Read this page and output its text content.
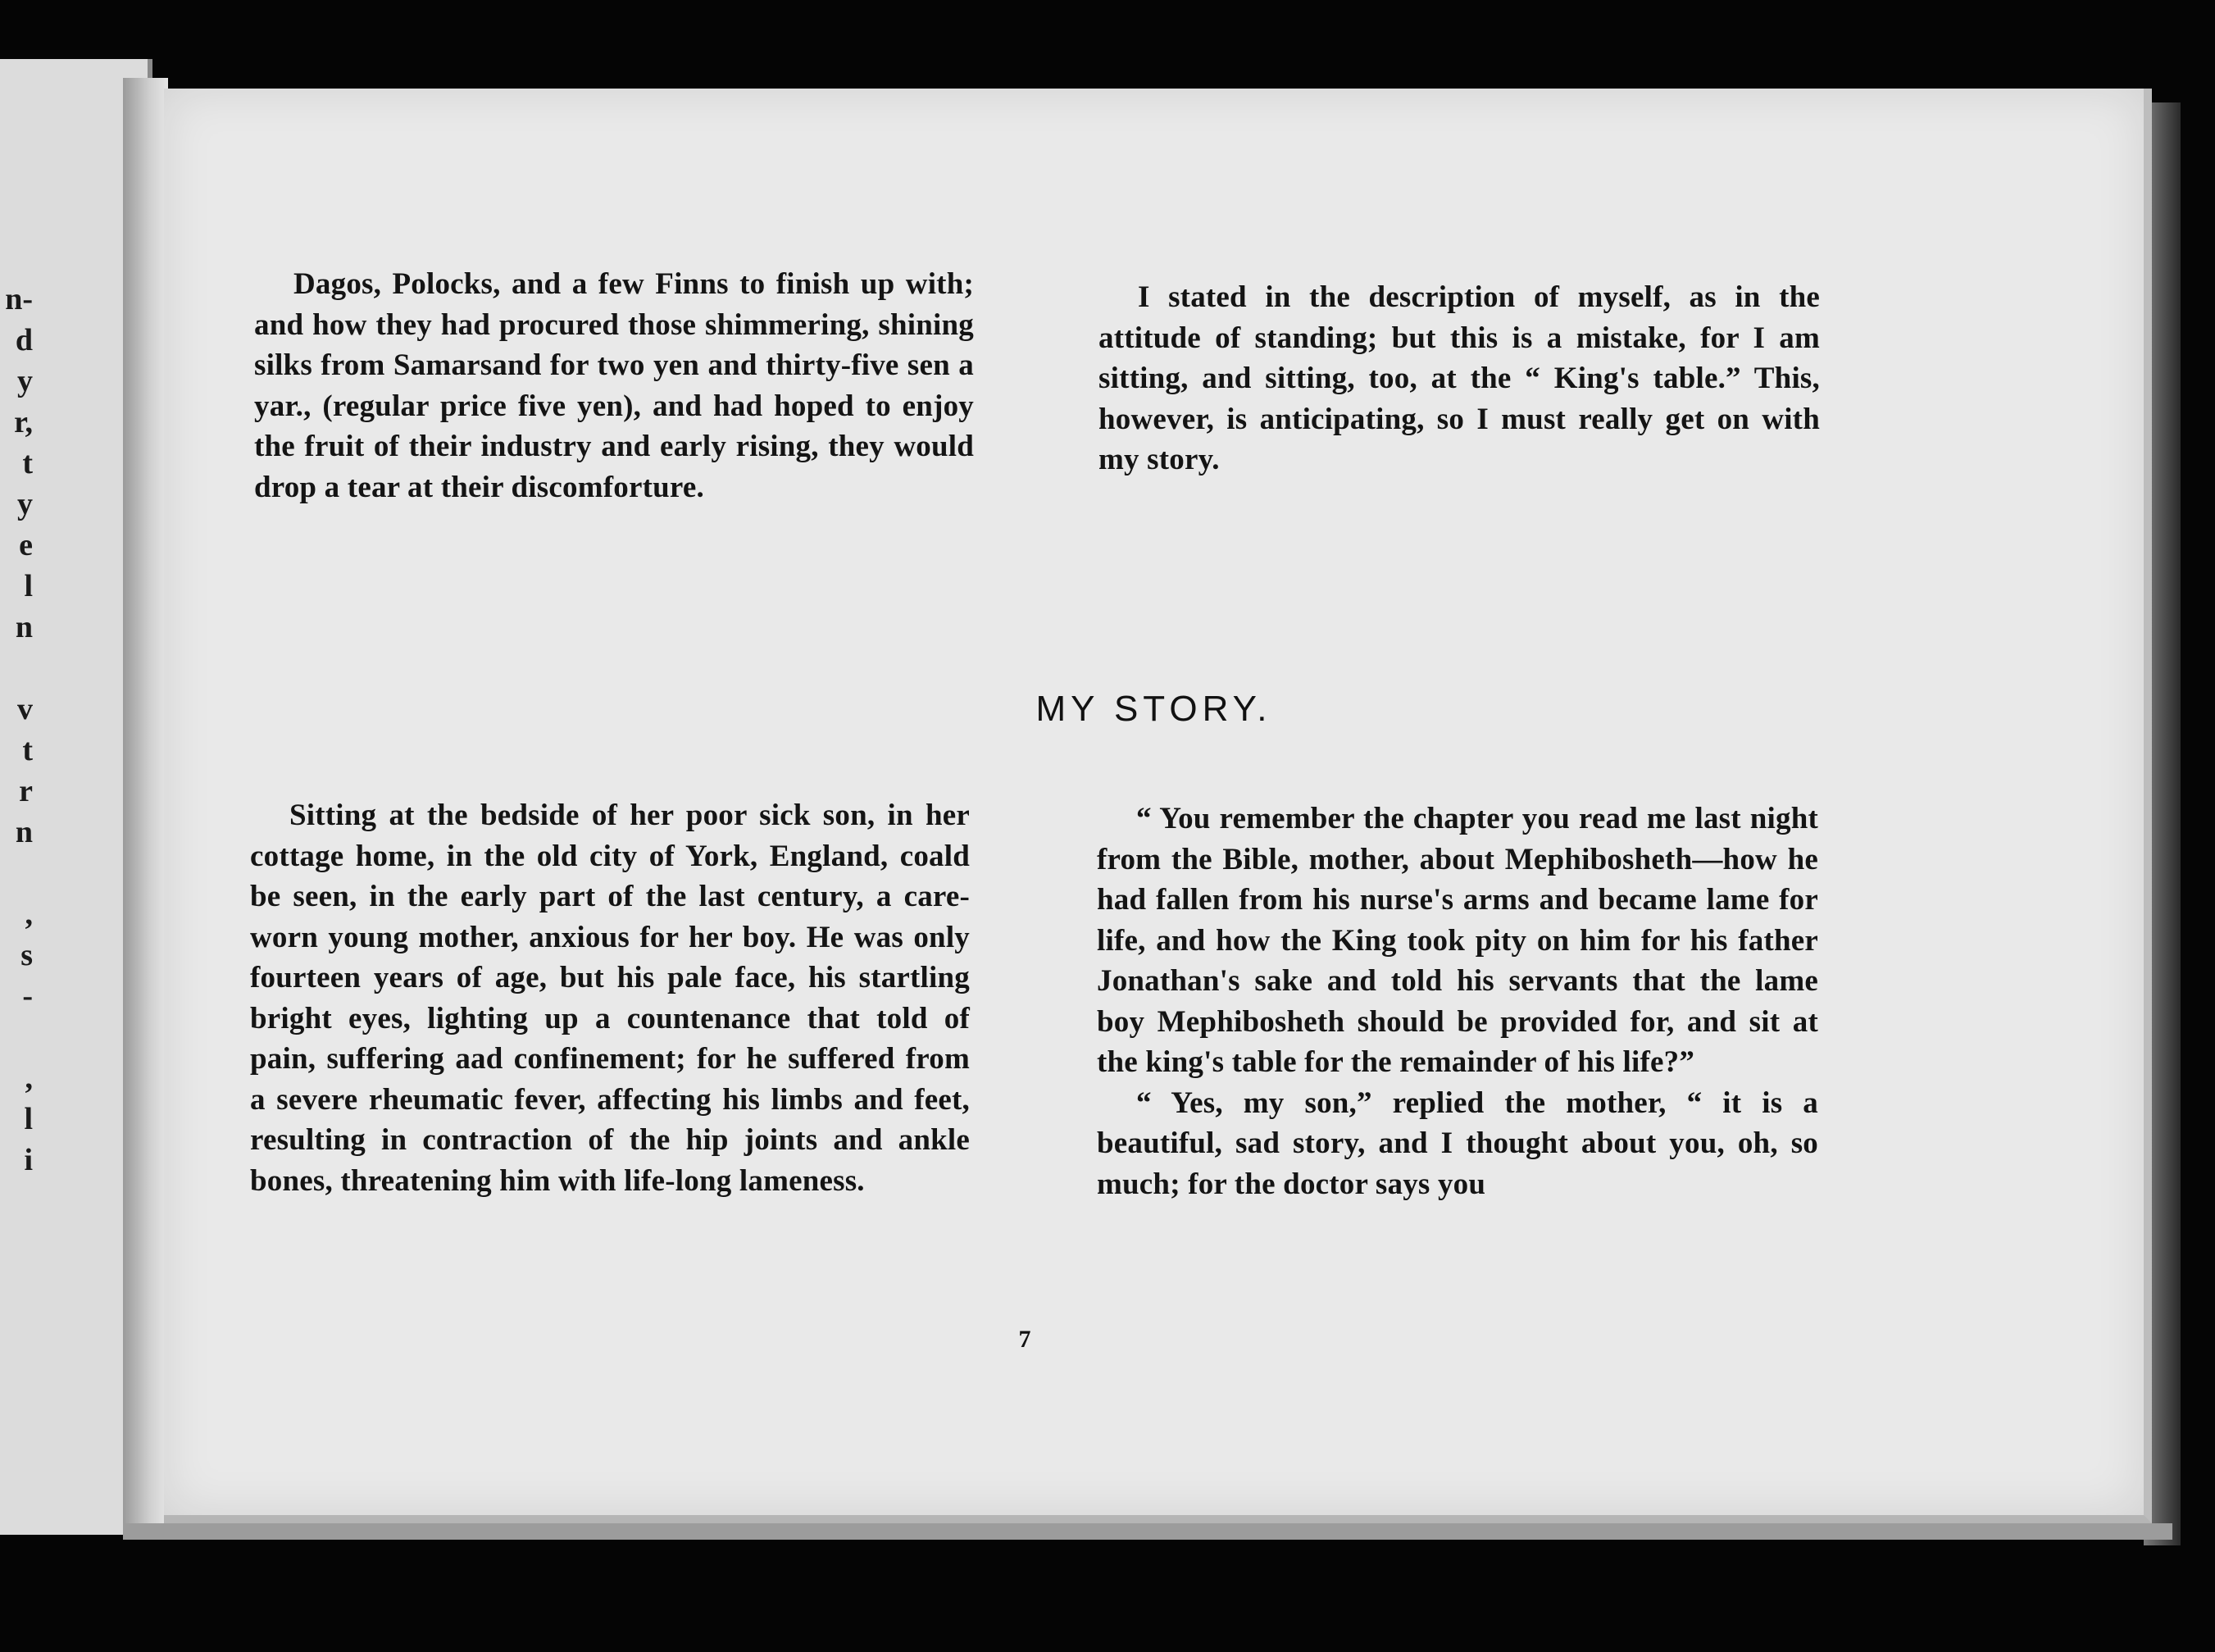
n-
d
y
r,
t
y
e
l
n
v
t
r
n
,
s
-
,
l
i

Dagos, Polocks, and a few Finns to finish up with; and how they had procured those shimmering, shining silks from Samarsand for two yen and thirty-five sen a yar., (regular price five yen), and had hoped to enjoy the fruit of their industry and early rising, they would drop a tear at their discomforture.

I stated in the description of myself, as in the attitude of standing; but this is a mistake, for I am sitting, and sitting, too, at the “ King's table.” This, however, is anticipating, so I must really get on with my story.

MY STORY.

Sitting at the bedside of her poor sick son, in her cottage home, in the old city of York, England, coald be seen, in the early part of the last century, a care-worn young mother, anxious for her boy. He was only fourteen years of age, but his pale face, his startling bright eyes, lighting up a countenance that told of pain, suffering aad confinement; for he suffered from a severe rheumatic fever, affecting his limbs and feet, resulting in contraction of the hip joints and ankle bones, threatening him with life-long lameness.

“ You remember the chapter you read me last night from the Bible, mother, about Mephibosheth—how he had fallen from his nurse's arms and became lame for life, and how the King took pity on him for his father Jonathan's sake and told his servants that the lame boy Mephibosheth should be provided for, and sit at the king's table for the remainder of his life?”

“ Yes, my son,” replied the mother, “ it is a beautiful, sad story, and I thought about you, oh, so much; for the doctor says you

7
